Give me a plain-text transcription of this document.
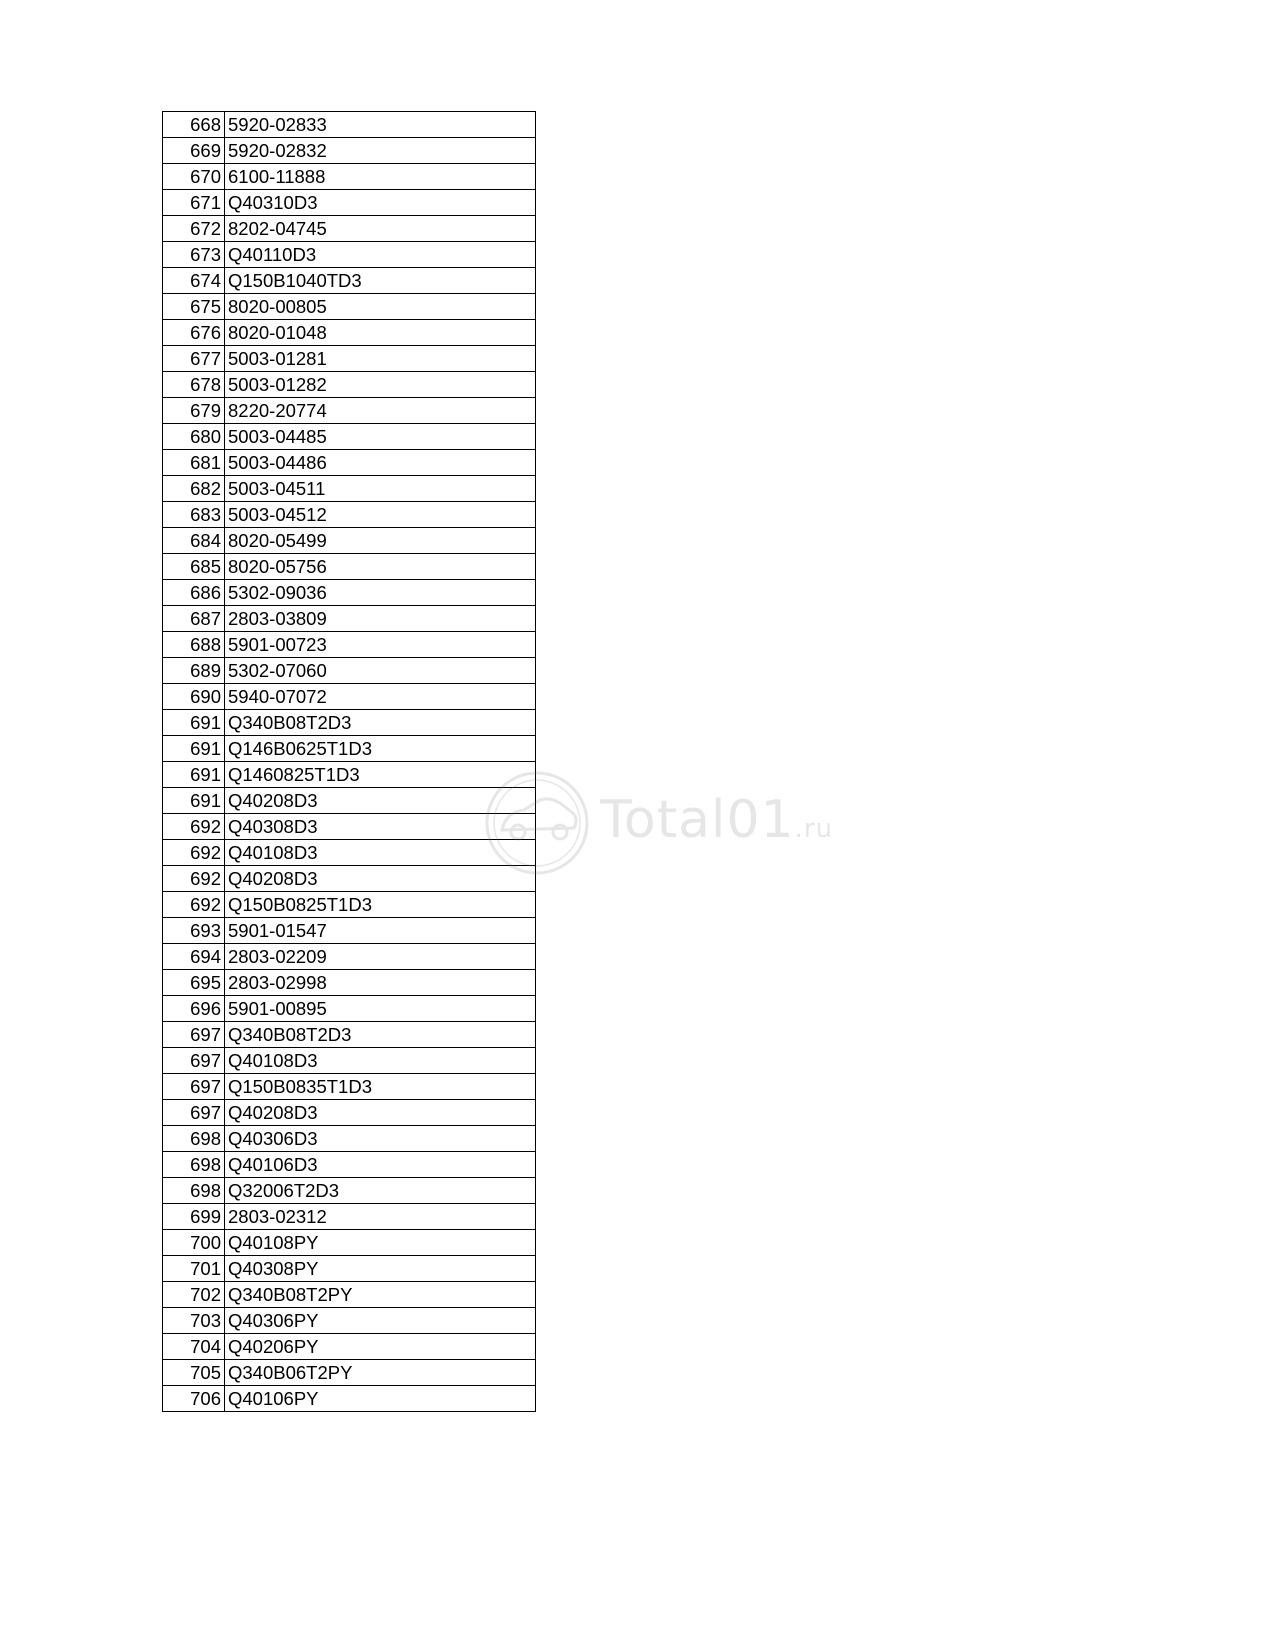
668	5920-02833
669	5920-02832
670	6100-11888
671	Q40310D3
672	8202-04745
673	Q40110D3
674	Q150B1040TD3
675	8020-00805
676	8020-01048
677	5003-01281
678	5003-01282
679	8220-20774
680	5003-04485
681	5003-04486
682	5003-04511
683	5003-04512
684	8020-05499
685	8020-05756
686	5302-09036
687	2803-03809
688	5901-00723
689	5302-07060
690	5940-07072
691	Q340B08T2D3
691	Q146B0625T1D3
691	Q1460825T1D3
691	Q40208D3
692	Q40308D3
692	Q40108D3
692	Q40208D3
692	Q150B0825T1D3
693	5901-01547
694	2803-02209
695	2803-02998
696	5901-00895
697	Q340B08T2D3
697	Q40108D3
697	Q150B0835T1D3
697	Q40208D3
698	Q40306D3
698	Q40106D3
698	Q32006T2D3
699	2803-02312
700	Q40108PY
701	Q40308PY
702	Q340B08T2PY
703	Q40306PY
704	Q40206PY
705	Q340B06T2PY
706	Q40106PY
Total01.ru
